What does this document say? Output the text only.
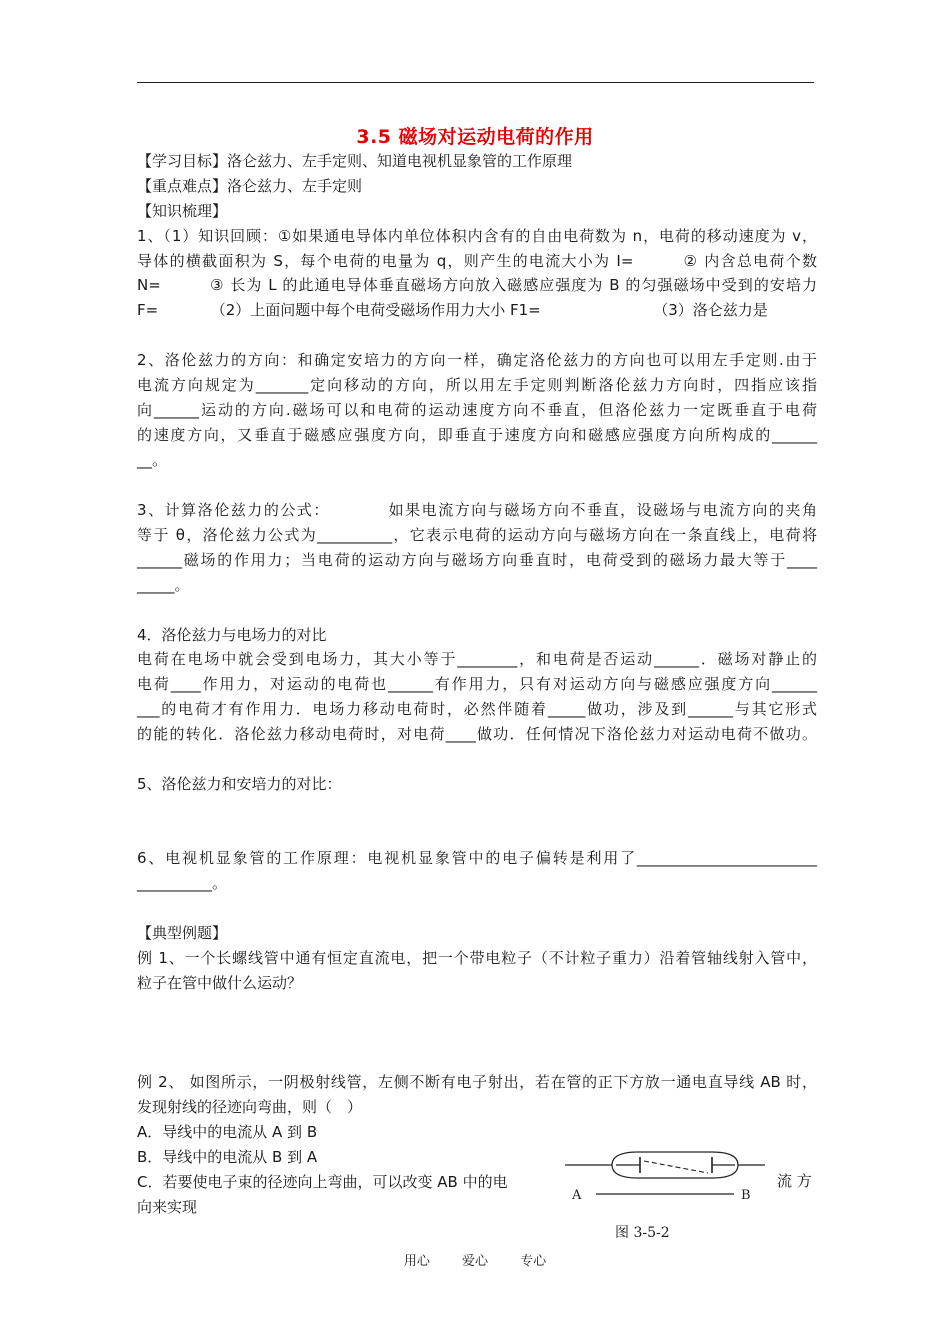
3.5 磁场对运动电荷的作用
【学习目标】洛仑兹力、左手定则、知道电视机显象管的工作原理
【重点难点】洛仑兹力、左手定则
【知识梳理】
1、（1）知识回顾：①如果通电导体内单位体积内含有的自由电荷数为 n，电荷的移动速度为 v，
导体的横截面积为 S，每个电荷的电量为 q，则产生的电流大小为 I=　　　② 内含总电荷个数
N=　　　③ 长为 L 的此通电导体垂直磁场方向放入磁感应强度为 B 的匀强磁场中受到的安培力
F=　　　　（2）上面问题中每个电荷受磁场作用力大小 F1=　　　　　　　　（3）洛仑兹力是
2、洛伦兹力的方向：和确定安培力的方向一样，确定洛伦兹力的方向也可以用左手定则.由于
电流方向规定为_______定向移动的方向，所以用左手定则判断洛伦兹力方向时，四指应该指
向______运动的方向.磁场可以和电荷的运动速度方向不垂直，但洛伦兹力一定既垂直于电荷
的速度方向，又垂直于磁感应强度方向，即垂直于速度方向和磁感应强度方向所构成的______
__。
3、计算洛伦兹力的公式：　　　　如果电流方向与磁场方向不垂直，设磁场与电流方向的夹角
等于 θ，洛伦兹力公式为__________，它表示电荷的运动方向与磁场方向在一条直线上，电荷将
______磁场的作用力；当电荷的运动方向与磁场方向垂直时，电荷受到的磁场力最大等于____
_____。
4．洛伦兹力与电场力的对比
电荷在电场中就会受到电场力，其大小等于________，和电荷是否运动______．磁场对静止的
电荷____作用力，对运动的电荷也______有作用力，只有对运动方向与磁感应强度方向______
___的电荷才有作用力．电场力移动电荷时，必然伴随着_____做功，涉及到______与其它形式
的能的转化．洛伦兹力移动电荷时，对电荷____做功．任何情况下洛伦兹力对运动电荷不做功。
5、洛伦兹力和安培力的对比：
6、电视机显象管的工作原理：电视机显象管中的电子偏转是利用了________________________
__________。
【典型例题】
例 1、一个长螺线管中通有恒定直流电，把一个带电粒子（不计粒子重力）沿着管轴线射入管中，
粒子在管中做什么运动？
例 2、 如图所示，一阴极射线管，左侧不断有电子射出，若在管的正下方放一通电直导线 AB 时，
发现射线的径迹向弯曲，则（　）
A．导线中的电流从 A 到 B
B．导线中的电流从 B 到 A
C．若要使电子束的径迹向上弯曲，可以改变 AB 中的电
向来实现
流 方
A	B
图 3-5-2
用心 爱心 专心
